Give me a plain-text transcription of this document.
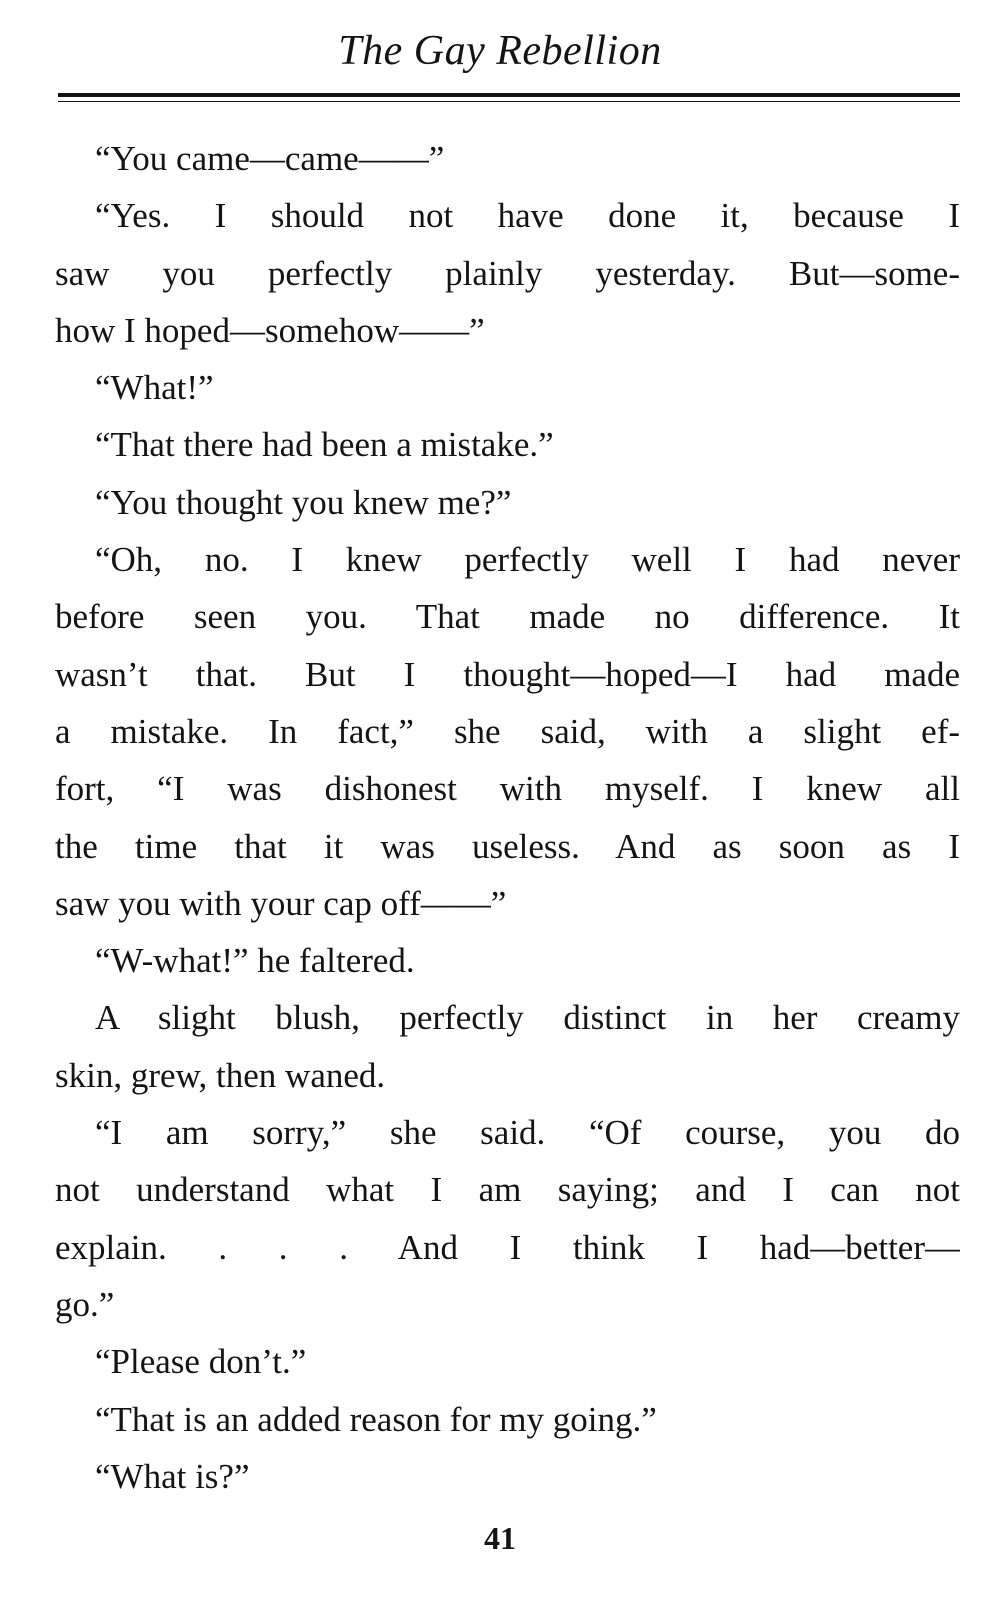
The Gay Rebellion
“You came—came——”
“Yes. I should not have done it, because I
saw you perfectly plainly yesterday. But—some-
how I hoped—somehow——”
“What!”
“That there had been a mistake.”
“You thought you knew me?”
“Oh, no. I knew perfectly well I had never
before seen you. That made no difference. It
wasn’t that. But I thought—hoped—I had made
a mistake. In fact,” she said, with a slight ef-
fort, “I was dishonest with myself. I knew all
the time that it was useless. And as soon as I
saw you with your cap off——”
“W-what!” he faltered.
A slight blush, perfectly distinct in her creamy
skin, grew, then waned.
“I am sorry,” she said. “Of course, you do
not understand what I am saying; and I can not
explain. . . . And I think I had—better—
go.”
“Please don’t.”
“That is an added reason for my going.”
“What is?”
41
